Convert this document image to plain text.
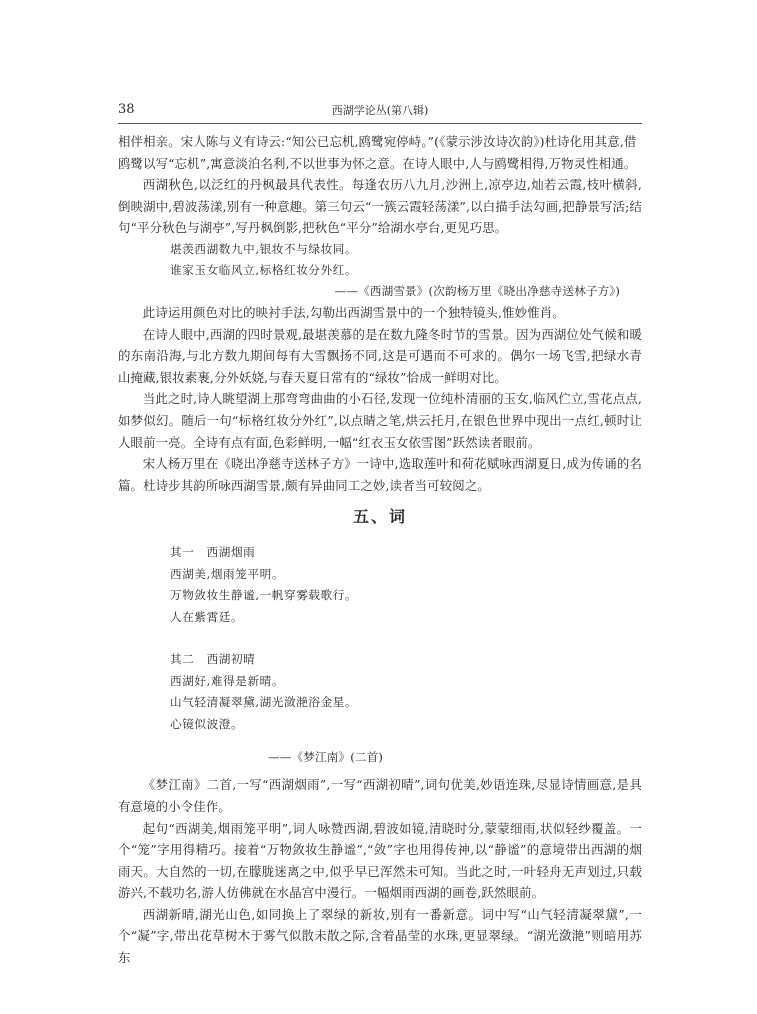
38	西湖学论丛(第八辑)

相伴相亲。宋人陈与义有诗云:“知公已忘机,鸥鹭宛停峙。”(《蒙示涉汝诗次韵》)杜诗化用其意,借
鸥鹭以写“忘机”,寓意淡泊名利,不以世事为怀之意。在诗人眼中,人与鸥鹭相得,万物灵性相通。

西湖秋色,以泛红的丹枫最具代表性。每逢农历八九月,沙洲上,凉亭边,灿若云霞,枝叶横斜,倒映湖中,碧波荡漾,别有一种意趣。第三句云“一簇云霞轻荡漾”,以白描手法勾画,把静景写活;结句“平分秋色与湖亭”,写丹枫倒影,把秋色“平分”给湖水亭台,更见巧思。

堪羡西湖数九中,银妆不与绿妆同。

谁家玉女临风立,标格红妆分外红。

——《西湖雪景》(次韵杨万里《晓出净慈寺送林子方》)

此诗运用颜色对比的映衬手法,勾勒出西湖雪景中的一个独特镜头,惟妙惟肖。

在诗人眼中,西湖的四时景观,最堪羡慕的是在数九隆冬时节的雪景。因为西湖位处气候和暖的东南沿海,与北方数九期间每有大雪飘扬不同,这是可遇而不可求的。偶尔一场飞雪,把绿水青山掩藏,银妆素裹,分外妖娆,与春天夏日常有的“绿妆”恰成一鲜明对比。

当此之时,诗人眺望湖上那弯弯曲曲的小石径,发现一位纯朴清丽的玉女,临风伫立,雪花点点,如梦似幻。随后一句“标格红妆分外红”,以点睛之笔,烘云托月,在银色世界中现出一点红,顿时让人眼前一亮。全诗有点有面,色彩鲜明,一幅“红衣玉女依雪图”跃然读者眼前。

宋人杨万里在《晓出净慈寺送林子方》一诗中,选取莲叶和荷花赋咏西湖夏日,成为传诵的名篇。杜诗步其韵所咏西湖雪景,颇有异曲同工之妙,读者当可较阅之。

五、词

其一　西湖烟雨

西湖美,烟雨笼平明。

万物敛妆生静谧,一帆穿雾载歌行。

人在紫霄廷。

其二　西湖初晴

西湖好,难得是新晴。

山气轻清凝翠黛,湖光潋滟浴金星。

心镜似波澄。

——《梦江南》(二首)

《梦江南》二首,一写“西湖烟雨”,一写“西湖初晴”,词句优美,妙语连珠,尽显诗情画意,是具有意境的小令佳作。

起句“西湖美,烟雨笼平明”,词人咏赞西湖,碧波如镜,清晓时分,蒙蒙细雨,状似轻纱覆盖。一个“笼”字用得精巧。接着“万物敛妆生静谧”,“敛”字也用得传神,以“静谧”的意境带出西湖的烟雨天。大自然的一切,在朦胧迷离之中,似乎早已浑然未可知。当此之时,一叶轻舟无声划过,只载游兴,不载功名,游人仿佛就在水晶宫中漫行。一幅烟雨西湖的画卷,跃然眼前。

西湖新晴,湖光山色,如同换上了翠绿的新妆,别有一番新意。词中写“山气轻清凝翠黛”,一个“凝”字,带出花草树木于雾气似散未散之际,含着晶莹的水珠,更显翠绿。“湖光潋滟”则暗用苏东
